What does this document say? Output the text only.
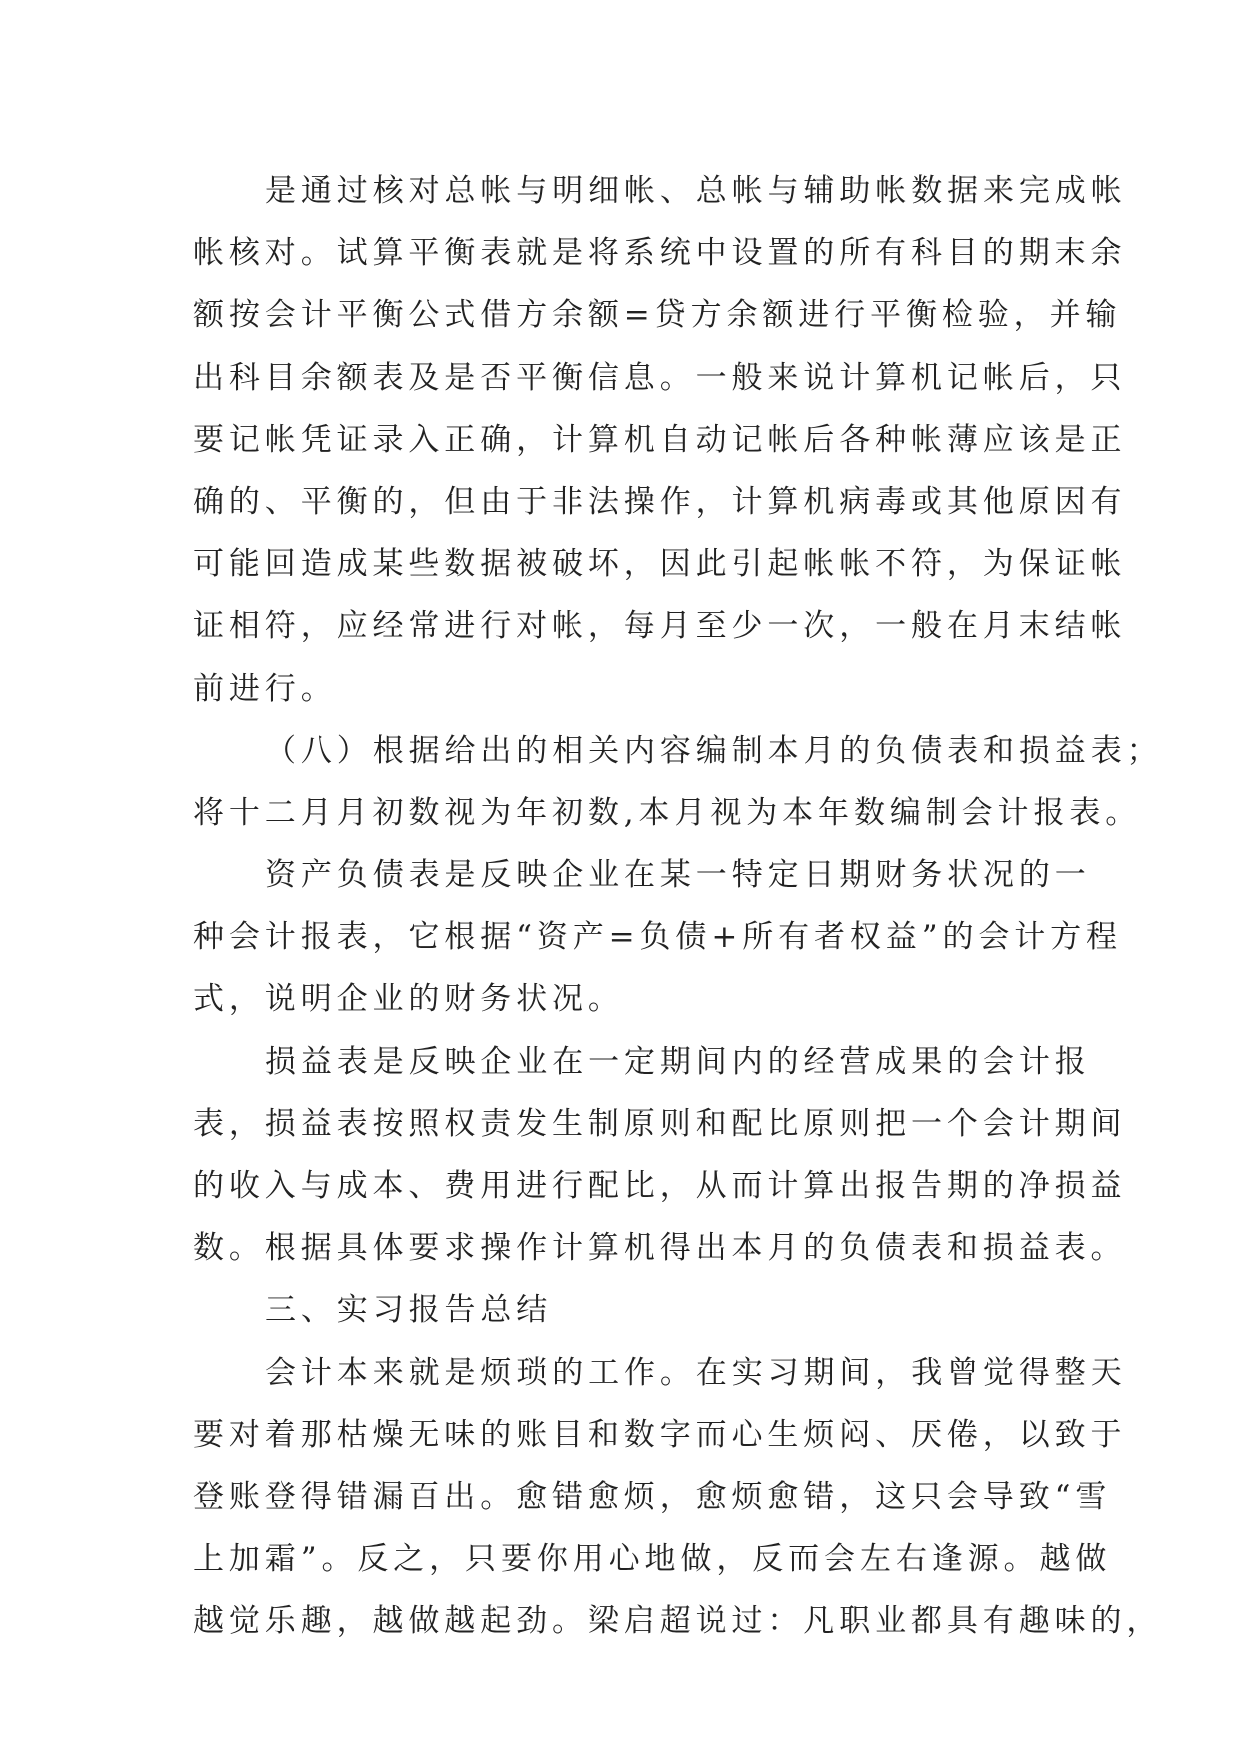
是通过核对总帐与明细帐、总帐与辅助帐数据来完成帐
帐核对。试算平衡表就是将系统中设置的所有科目的期末余
额按会计平衡公式借方余额=贷方余额进行平衡检验，并输
出科目余额表及是否平衡信息。一般来说计算机记帐后，只
要记帐凭证录入正确，计算机自动记帐后各种帐薄应该是正
确的、平衡的，但由于非法操作，计算机病毒或其他原因有
可能回造成某些数据被破坏，因此引起帐帐不符，为保证帐
证相符，应经常进行对帐，每月至少一次，一般在月末结帐
前进行。
（八）根据给出的相关内容编制本月的负债表和损益表；
将十二月月初数视为年初数,本月视为本年数编制会计报表。
资产负债表是反映企业在某一特定日期财务状况的一
种会计报表，它根据“资产=负债+所有者权益”的会计方程
式，说明企业的财务状况。
损益表是反映企业在一定期间内的经营成果的会计报
表，损益表按照权责发生制原则和配比原则把一个会计期间
的收入与成本、费用进行配比，从而计算出报告期的净损益
数。根据具体要求操作计算机得出本月的负债表和损益表。
三、实习报告总结
会计本来就是烦琐的工作。在实习期间，我曾觉得整天
要对着那枯燥无味的账目和数字而心生烦闷、厌倦，以致于
登账登得错漏百出。愈错愈烦，愈烦愈错，这只会导致“雪
上加霜”。反之，只要你用心地做，反而会左右逢源。越做
越觉乐趣，越做越起劲。梁启超说过：凡职业都具有趣味的，
